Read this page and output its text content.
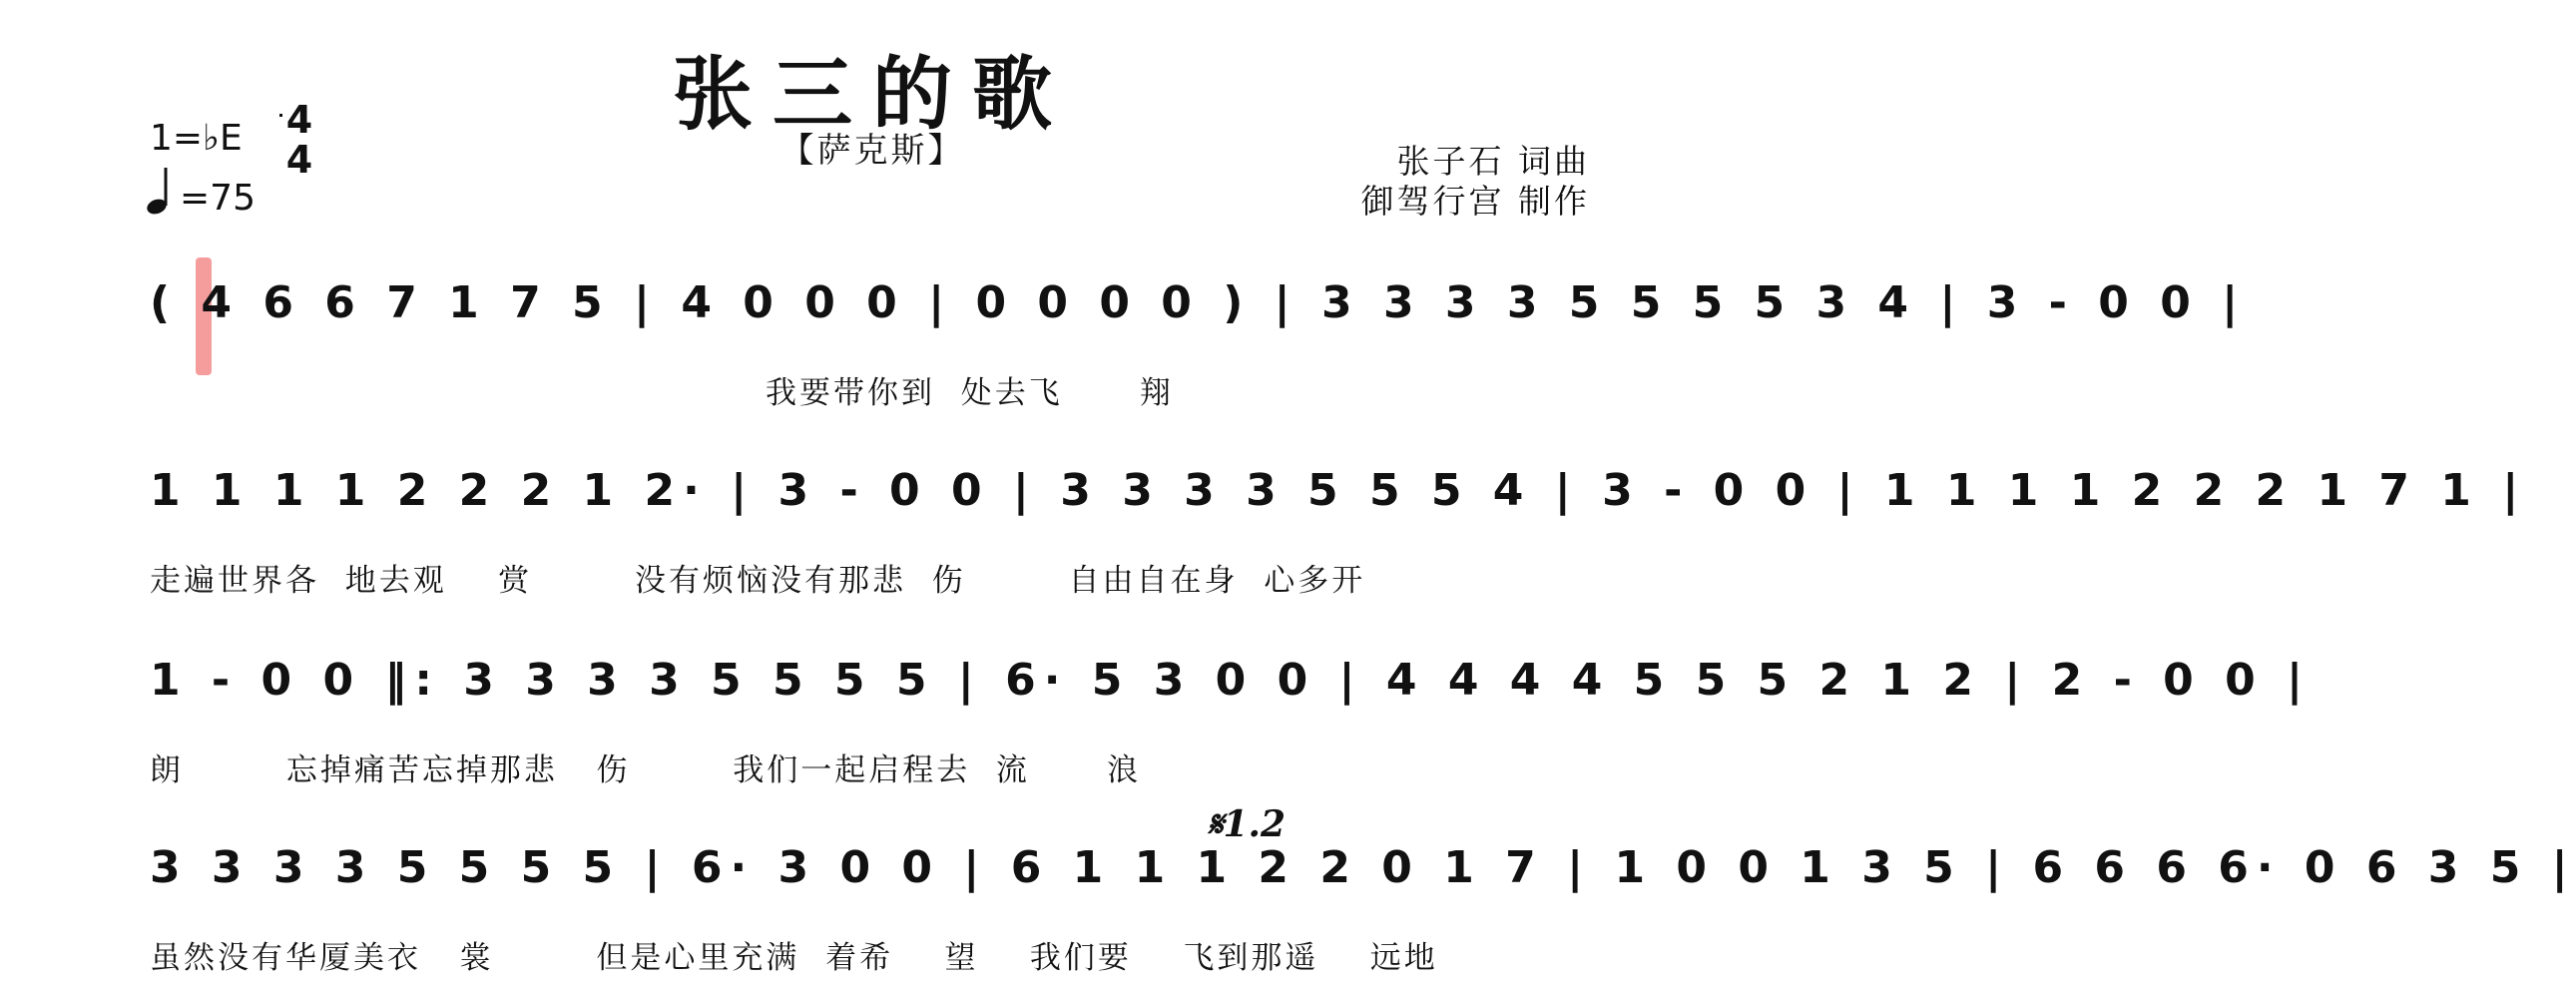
张三的歌
【萨克斯】
1=♭E 4
4
=75
张子石 词曲
御驾行宫 制作
( 4 6 6 7 1 7 5 | 4 0 0 0 | 0 0 0 0 ) | 3 3 3 3 5 5 5 5 3 4 | 3 - 0 0 |
我要带你到  处去飞      翔
1 1 1 1 2 2 2 1 2· | 3 - 0 0 | 3 3 3 3 5 5 5 4 | 3 - 0 0 | 1 1 1 1 2 2 2 1 7 1 |
走遍世界各  地去观    赏        没有烦恼没有那悲  伤        自由自在身  心多开
1 - 0 0 ‖: 3 3 3 3 5 5 5 5 | 6· 5 3 0 0 | 4 4 4 4 5 5 5 2 1 2 | 2 - 0 0 |
朗        忘掉痛苦忘掉那悲   伤        我们一起启程去  流      浪
𝄋1.2
3 3 3 3 5 5 5 5 | 6· 3 0 0 | 6 1 1 1 2 2 0 1 7 | 1 0 0 1 3 5 | 6 6 6 6· 0 6 3 5 |
虽然没有华厦美衣   裳        但是心里充满  着希    望    我们要    飞到那遥    远地
